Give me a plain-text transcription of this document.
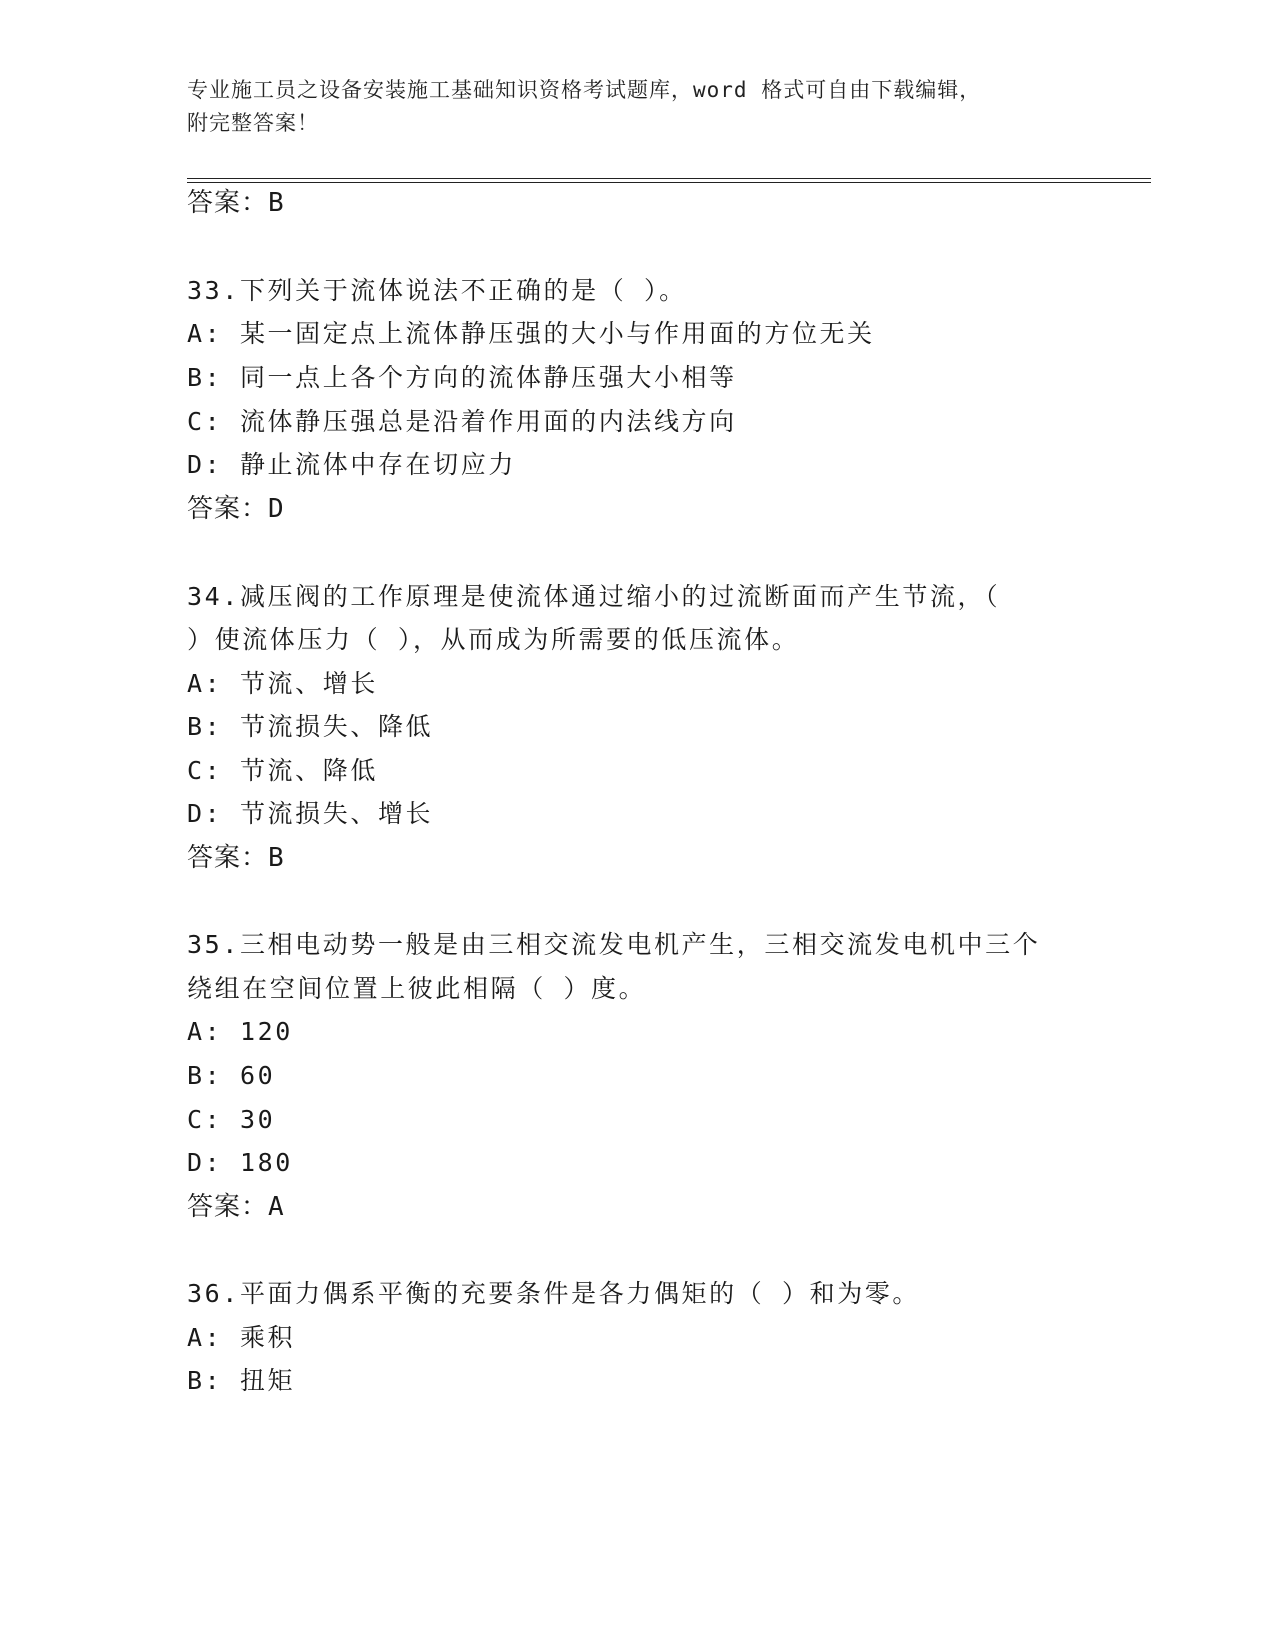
专业施工员之设备安装施工基础知识资格考试题库，word 格式可自由下载编辑，
附完整答案！
答案：B
33.下列关于流体说法不正确的是（ ）。
A: 某一固定点上流体静压强的大小与作用面的方位无关
B: 同一点上各个方向的流体静压强大小相等
C: 流体静压强总是沿着作用面的内法线方向
D: 静止流体中存在切应力
答案：D
34.减压阀的工作原理是使流体通过缩小的过流断面而产生节流，（
）使流体压力（ ），从而成为所需要的低压流体。
A: 节流、增长
B: 节流损失、降低
C: 节流、降低
D: 节流损失、增长
答案：B
35.三相电动势一般是由三相交流发电机产生，三相交流发电机中三个
绕组在空间位置上彼此相隔（ ）度。
A: 120
B: 60
C: 30
D: 180
答案：A
36.平面力偶系平衡的充要条件是各力偶矩的（ ）和为零。
A: 乘积
B: 扭矩
